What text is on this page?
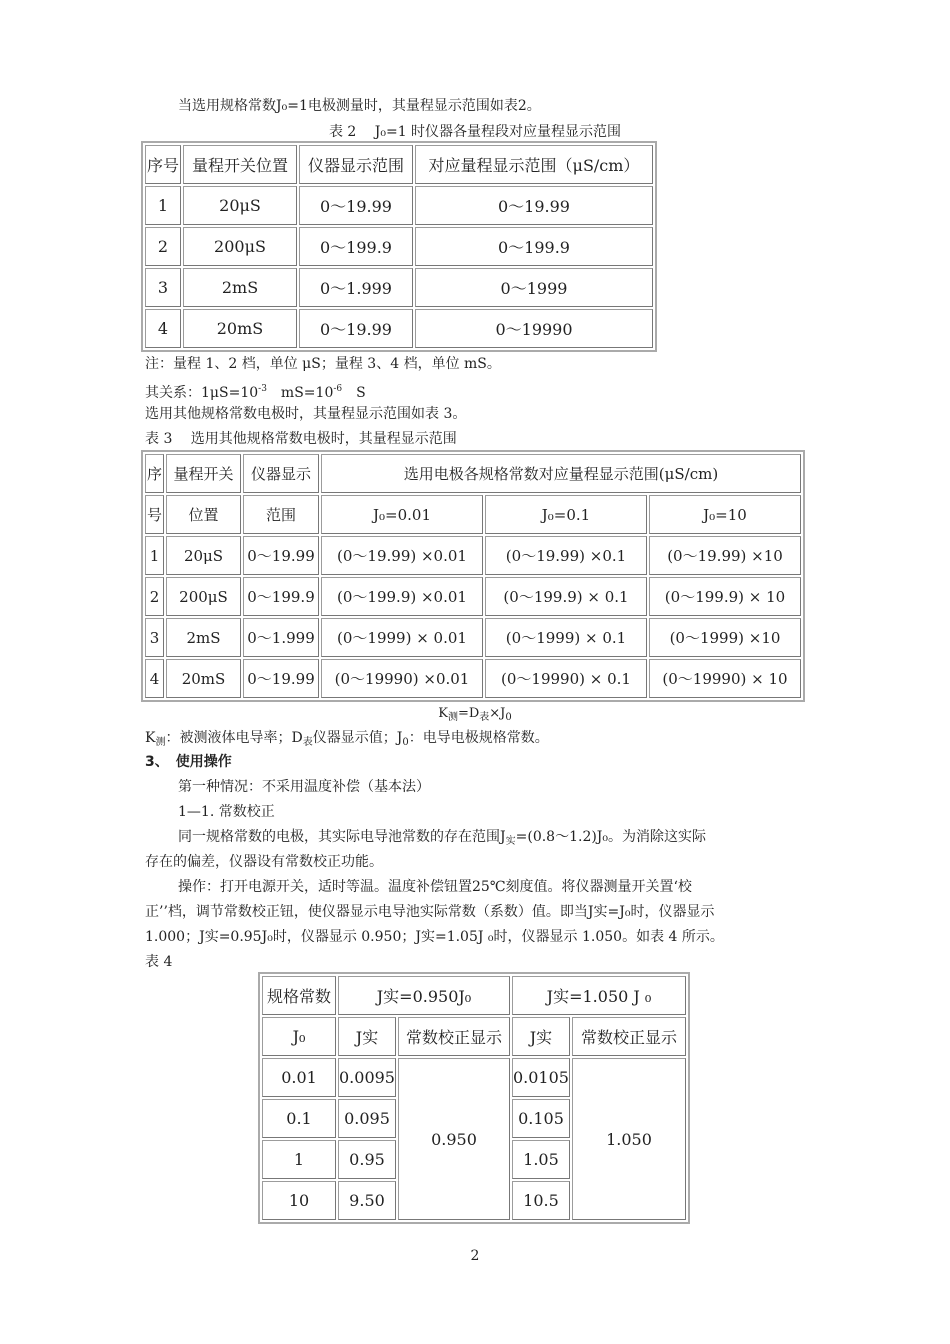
当选用规格常数J₀=1电极测量时，其量程显示范围如表2。
表 2　 J₀=1 时仪器各量程段对应量程显示范围
序号	量程开关位置	仪器显示范围	对应量程显示范围（μS/cm）
1	20μS	0～19.99	0～19.99
2	200μS	0～199.9	0～199.9
3	2mS	0～1.999	0～1999
4	20mS	0～19.99	0～19990
注：量程 1、2 档，单位 μS；量程 3、4 档，单位 mS。
其关系：$1\mu S=10^{-3}$　$mS=10^{-6}$　S
选用其他规格常数电极时，其量程显示范围如表 3。
表 3　 选用其他规格常数电极时，其量程显示范围
序	量程开关	仪器显示	选用电极各规格常数对应量程显示范围(μS/cm)		
号	位置	范围	J₀=0.01	J₀=0.1	J₀=10
1	20μS	0～19.99	(0～19.99) ×0.01	(0～19.99) ×0.1	(0～19.99) ×10
2	200μS	0～199.9	(0～199.9) ×0.01	(0～199.9) × 0.1	(0～199.9) × 10
3	2mS	0～1.999	(0～1999) × 0.01	(0～1999) × 0.1	(0～1999) ×10
4	20mS	0～19.99	(0～19990) ×0.01	(0～19990) × 0.1	(0～19990) × 10
$K_测=D_表\times J_0$
$K_测$：被测液体电导率；$D_表$仪器显示值；$J_0$：电导电极规格常数。
3、　使用操作
第一种情况：不采用温度补偿（基本法）
1—1. 常数校正
同一规格常数的电极，其实际电导池常数的存在范围$J_实=(0.8\sim 1.2)J_0$。为消除这实际
存在的偏差，仪器设有常数校正功能。
操作：打开电源开关，适时等温。温度补偿钮置25℃刻度值。将仪器测量开关置‘校
正’’档，调节常数校正钮，使仪器显示电导池实际常数（系数）值。即当J实=J₀时，仪器显示
1.000；J实=0.95J₀时，仪器显示 0.950；J实=1.05J ₀时，仪器显示 1.050。如表 4 所示。
表 4
规格常数	J实=0.950J₀		J实=1.050 J ₀	
J₀	J实	常数校正显示	J实	常数校正显示
0.01	0.0095	0.950	0.0105	1.050
0.1	0.095		0.105	
1	0.95		1.05	
10	9.50		10.5	
2
